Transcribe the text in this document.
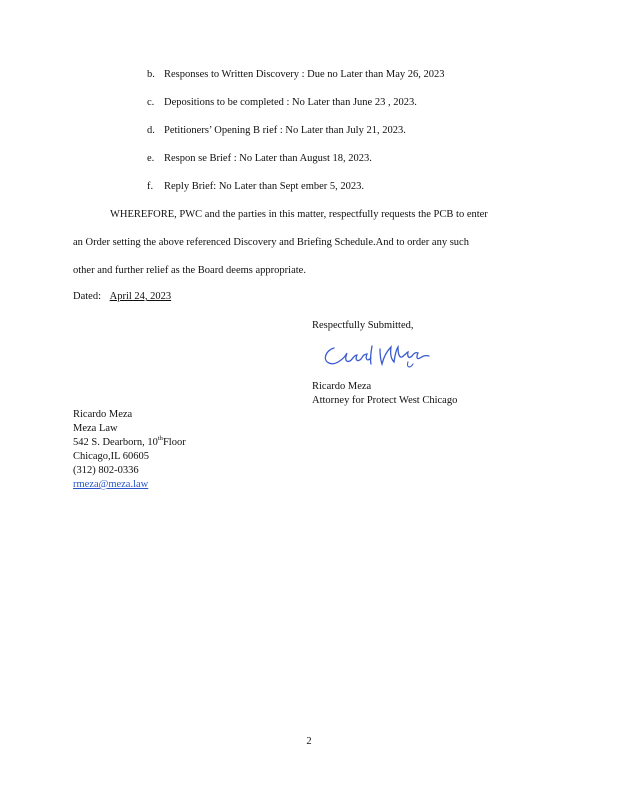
b. Responses to Written Discovery : Due no Later than May 26, 2023
c. Depositions to be completed : No Later than June 23 , 2023.
d. Petitioners’ Opening B rief : No Later than July 21, 2023.
e. Respon se Brief : No Later than August 18, 2023.
f. Reply Brief: No Later than Sept ember 5, 2023.
WHEREFORE, PWC and the parties in this matter, respectfully requests the PCB to enter
an Order setting the above referenced Discovery and Briefing Schedule.And to order any such
other and further relief as the Board deems appropriate.
Dated: April 24, 2023
Respectfully Submitted,
Ricardo Meza
Attorney for Protect West Chicago
Ricardo Meza
Meza Law
542 S. Dearborn, 10thFloor
Chicago,IL 60605
(312) 802-0336
rmeza@meza.law
2
